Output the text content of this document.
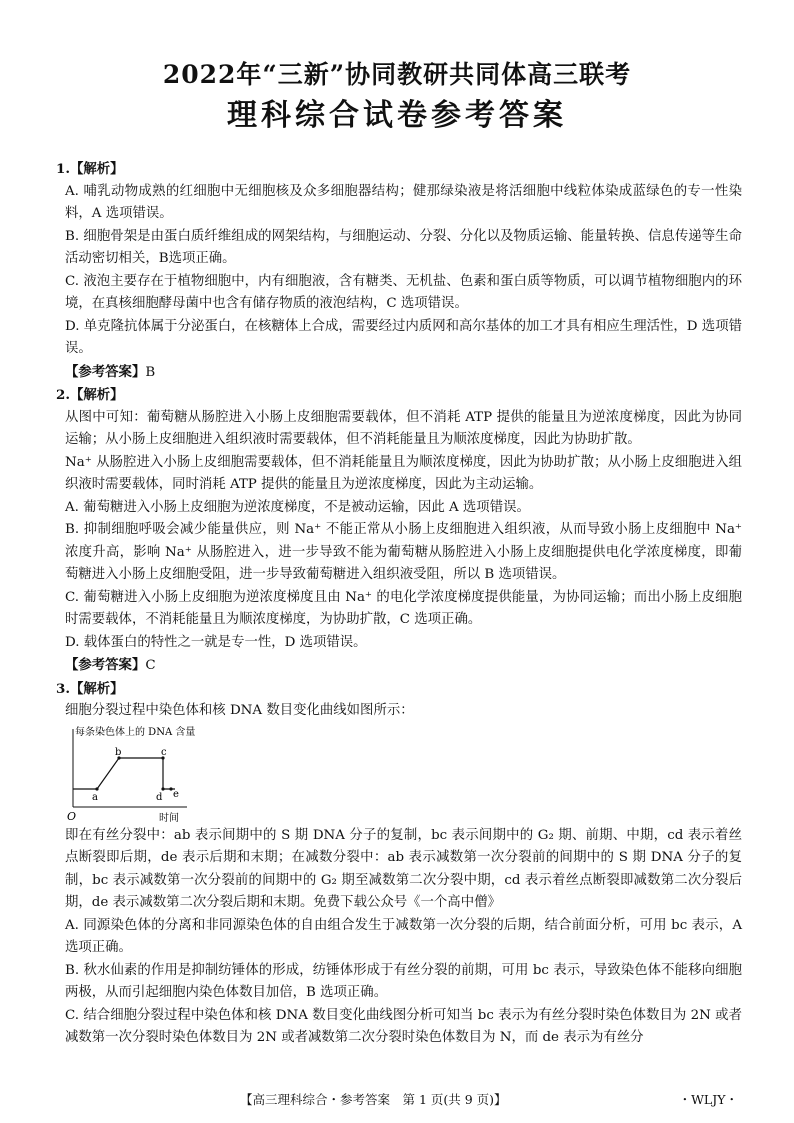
2022年“三新”协同教研共同体高三联考
理科综合试卷参考答案

1.【解析】

A. 哺乳动物成熟的红细胞中无细胞核及众多细胞器结构；健那绿染液是将活细胞中线粒体染成蓝绿色的专一性染料，A 选项错误。

B. 细胞骨架是由蛋白质纤维组成的网架结构，与细胞运动、分裂、分化以及物质运输、能量转换、信息传递等生命活动密切相关，B选项正确。

C. 液泡主要存在于植物细胞中，内有细胞液，含有糖类、无机盐、色素和蛋白质等物质，可以调节植物细胞内的环境，在真核细胞酵母菌中也含有储存物质的液泡结构，C 选项错误。

D. 单克隆抗体属于分泌蛋白，在核糖体上合成，需要经过内质网和高尔基体的加工才具有相应生理活性，D 选项错误。

【参考答案】B

2.【解析】

从图中可知：葡萄糖从肠腔进入小肠上皮细胞需要载体，但不消耗 ATP 提供的能量且为逆浓度梯度，因此为协同运输；从小肠上皮细胞进入组织液时需要载体，但不消耗能量且为顺浓度梯度，因此为协助扩散。

Na⁺ 从肠腔进入小肠上皮细胞需要载体，但不消耗能量且为顺浓度梯度，因此为协助扩散；从小肠上皮细胞进入组织液时需要载体，同时消耗 ATP 提供的能量且为逆浓度梯度，因此为主动运输。

A. 葡萄糖进入小肠上皮细胞为逆浓度梯度，不是被动运输，因此 A 选项错误。

B. 抑制细胞呼吸会减少能量供应，则 Na⁺ 不能正常从小肠上皮细胞进入组织液，从而导致小肠上皮细胞中 Na⁺ 浓度升高，影响 Na⁺ 从肠腔进入，进一步导致不能为葡萄糖从肠腔进入小肠上皮细胞提供电化学浓度梯度，即葡萄糖进入小肠上皮细胞受阻，进一步导致葡萄糖进入组织液受阻，所以 B 选项错误。

C. 葡萄糖进入小肠上皮细胞为逆浓度梯度且由 Na⁺ 的电化学浓度梯度提供能量，为协同运输；而出小肠上皮细胞时需要载体，不消耗能量且为顺浓度梯度，为协助扩散，C 选项正确。

D. 载体蛋白的特性之一就是专一性，D 选项错误。

【参考答案】C

3.【解析】

细胞分裂过程中染色体和核 DNA 数目变化曲线如图所示：

每条染色体上的 DNA 含量
a
b	c
d e
O	时间

即在有丝分裂中：ab 表示间期中的 S 期 DNA 分子的复制，bc 表示间期中的 G₂ 期、前期、中期，cd 表示着丝点断裂即后期，de 表示后期和末期；在减数分裂中：ab 表示减数第一次分裂前的间期中的 S 期 DNA 分子的复制，bc 表示减数第一次分裂前的间期中的 G₂ 期至减数第二次分裂中期，cd 表示着丝点断裂即减数第二次分裂后期，de 表示减数第二次分裂后期和末期。免费下载公众号《一个高中僧》

A. 同源染色体的分离和非同源染色体的自由组合发生于减数第一次分裂的后期，结合前面分析，可用 bc 表示，A 选项正确。

B. 秋水仙素的作用是抑制纺锤体的形成，纺锤体形成于有丝分裂的前期，可用 bc 表示，导致染色体不能移向细胞两极，从而引起细胞内染色体数目加倍，B 选项正确。

C. 结合细胞分裂过程中染色体和核 DNA 数目变化曲线图分析可知当 bc 表示为有丝分裂时染色体数目为 2N 或者减数第一次分裂时染色体数目为 2N 或者减数第二次分裂时染色体数目为 N，而 de 表示为有丝分

【高三理科综合・参考答案　第 1 页(共 9 页)】	・WLJY・
